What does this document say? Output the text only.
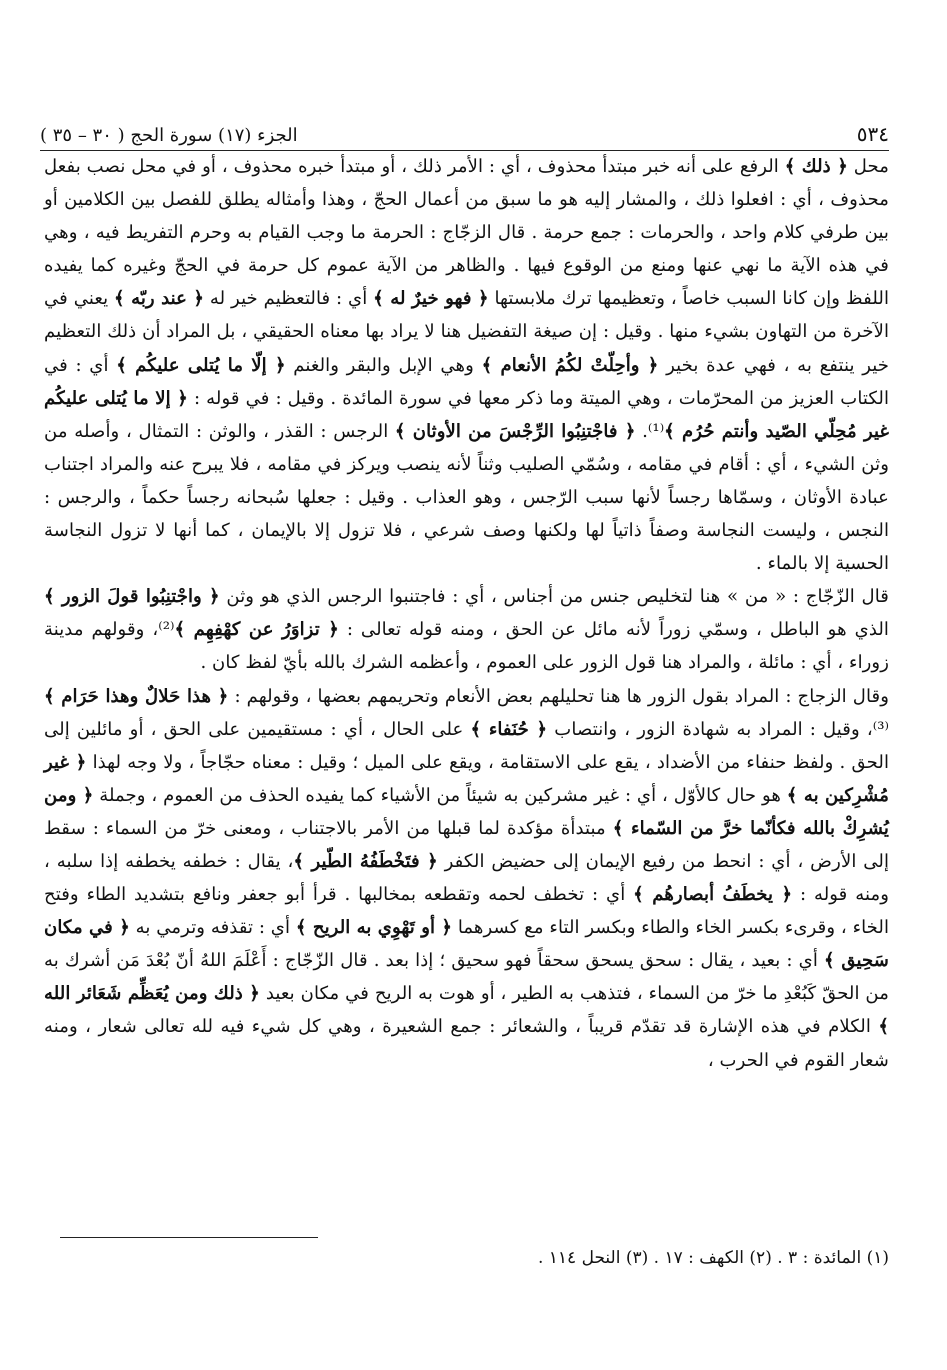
٥٣٤
الجزء (١٧) سورة الحج ( ٣٠ – ٣٥ )

محل ﴿ ذلك ﴾ الرفع على أنه خبر مبتدأ محذوف ، أي : الأمر ذلك ، أو مبتدأ خبره محذوف ، أو في محل نصب بفعل محذوف ، أي : افعلوا ذلك ، والمشار إليه هو ما سبق من أعمال الحجّ ، وهذا وأمثاله يطلق للفصل بين الكلامين أو بين طرفي كلام واحد ، والحرمات : جمع حرمة . قال الزجّاج : الحرمة ما وجب القيام به وحرم التفريط فيه ، وهي في هذه الآية ما نهي عنها ومنع من الوقوع فيها . والظاهر من الآية عموم كل حرمة في الحجّ وغيره كما يفيده اللفظ وإن كانا السبب خاصاً ، وتعظيمها ترك ملابستها ﴿ فهو خيرٌ له ﴾ أي : فالتعظيم خير له ﴿ عند ربّه ﴾ يعني في الآخرة من التهاون بشيء منها . وقيل : إن صيغة التفضيل هنا لا يراد بها معناه الحقيقي ، بل المراد أن ذلك التعظيم خير ينتفع به ، فهي عدة بخير ﴿ وأحِلّتْ لكُمُ الأنعام ﴾ وهي الإبل والبقر والغنم ﴿ إلّا ما يُتلى عليكُم ﴾ أي : في الكتاب العزيز من المحرّمات ، وهي الميتة وما ذكر معها في سورة المائدة . وقيل : في قوله : ﴿ إلا ما يُتلى عليكُم غير مُحِلّي الصّيد وأنتم حُرُم ﴾⁽¹⁾. ﴿ فاجْتنِبُوا الرِّجْسَ من الأوثان ﴾ الرجس : القذر ، والوثن : التمثال ، وأصله من وثن الشيء ، أي : أقام في مقامه ، وسُمّي الصليب وثناً لأنه ينصب ويركز في مقامه ، فلا يبرح عنه والمراد اجتناب عبادة الأوثان ، وسمّاها رجساً لأنها سبب الرّجس ، وهو العذاب . وقيل : جعلها سُبحانه رجساً حكماً ، والرجس : النجس ، وليست النجاسة وصفاً ذاتياً لها ولكنها وصف شرعي ، فلا تزول إلا بالإيمان ، كما أنها لا تزول النجاسة الحسية إلا بالماء .

قال الزّجّاج : « من » هنا لتخليص جنس من أجناس ، أي : فاجتنبوا الرجس الذي هو وثن ﴿ واجْتنِبُوا قولَ الزور ﴾ الذي هو الباطل ، وسمّي زوراً لأنه مائل عن الحق ، ومنه قوله تعالى : ﴿ تزاوَرُ عن كهْفِهِم ﴾⁽²⁾، وقولهم مدينة زوراء ، أي : مائلة ، والمراد هنا قول الزور على العموم ، وأعظمه الشرك بالله بأيّ لفظ كان .

وقال الزجاج : المراد بقول الزور ها هنا تحليلهم بعض الأنعام وتحريمهم بعضها ، وقولهم : ﴿ هذا حَلالٌ وهذا حَرَام ﴾⁽³⁾، وقيل : المراد به شهادة الزور ، وانتصاب ﴿ حُنَفاء ﴾ على الحال ، أي : مستقيمين على الحق ، أو مائلين إلى الحق . ولفظ حنفاء من الأضداد ، يقع على الاستقامة ، ويقع على الميل ؛ وقيل : معناه حجّاجاً ، ولا وجه لهذا ﴿ غير مُشْرِكين به ﴾ هو حال كالأوّل ، أي : غير مشركين به شيئاً من الأشياء كما يفيده الحذف من العموم ، وجملة ﴿ ومن يُشرِكْ بالله فكأنّما خرَّ من السّماء ﴾ مبتدأة مؤكدة لما قبلها من الأمر بالاجتناب ، ومعنى خرّ من السماء : سقط إلى الأرض ، أي : انحط من رفيع الإيمان إلى حضيض الكفر ﴿ فتَخْطَفُهُ الطّير ﴾، يقال : خطفه يخطفه إذا سلبه ، ومنه قوله : ﴿ يخطَفُ أبصارهُم ﴾ أي : تخطف لحمه وتقطعه بمخالبها . قرأ أبو جعفر ونافع بتشديد الطاء وفتح الخاء ، وقرىء بكسر الخاء والطاء وبكسر التاء مع كسرهما ﴿ أو تَهْوِي به الريح ﴾ أي : تقذفه وترمي به ﴿ في مكان سَحِيق ﴾ أي : بعيد ، يقال : سحق يسحق سحقاً فهو سحيق ؛ إذا بعد . قال الزّجّاج : أَعْلَمَ اللهُ أنّ بُعْدَ مَن أشرك به من الحقّ كَبُعْدِ ما خرّ من السماء ، فتذهب به الطير ، أو هوت به الريح في مكان بعيد ﴿ ذلك ومن يُعَظِّم شَعَائر الله ﴾ الكلام في هذه الإشارة قد تقدّم قريباً ، والشعائر : جمع الشعيرة ، وهي كل شيء فيه لله تعالى شعار ، ومنه شعار القوم في الحرب ،

(١) المائدة : ٣ . (٢) الكهف : ١٧ . (٣) النحل ١١٤ .
